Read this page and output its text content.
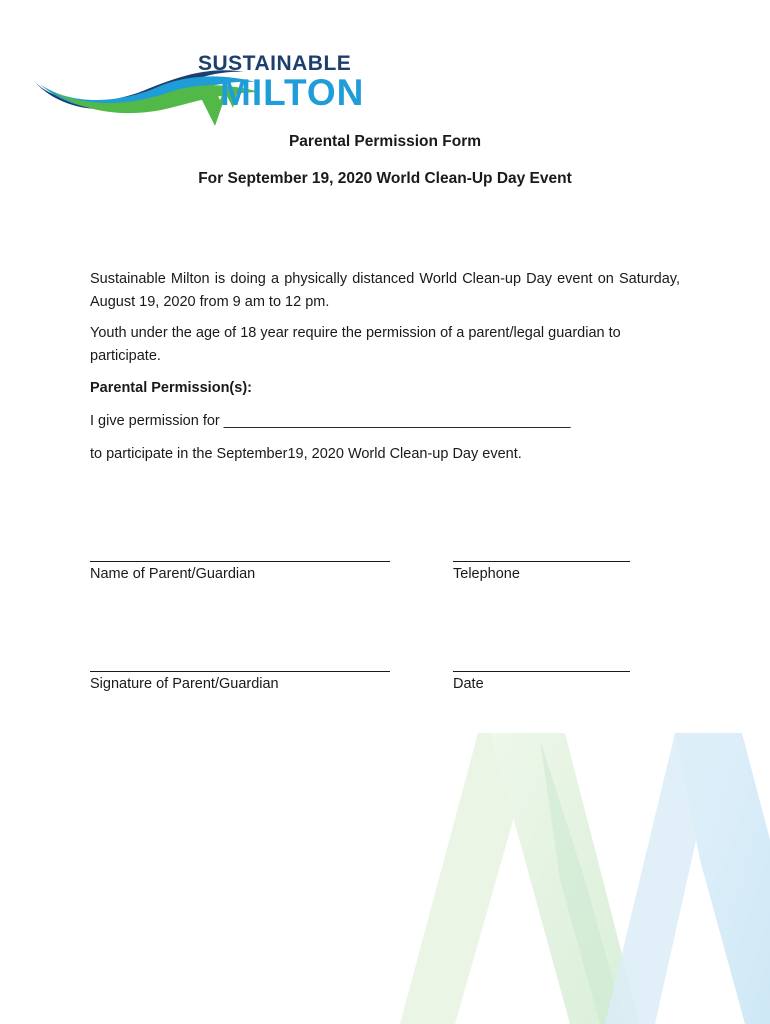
SUSTAINABLE
MILTON
Parental Permission Form
For September 19, 2020 World Clean-Up Day Event
Sustainable Milton is doing a physically distanced World Clean-up Day event on Saturday, August 19, 2020 from 9 am to 12 pm.
Youth under the age of 18 year require the permission of a parent/legal guardian to participate.
Parental Permission(s):
I give permission for ___________________________________________
to participate in the September19, 2020 World Clean-up Day event.
Name of Parent/Guardian	Telephone
Signature of Parent/Guardian	Date
